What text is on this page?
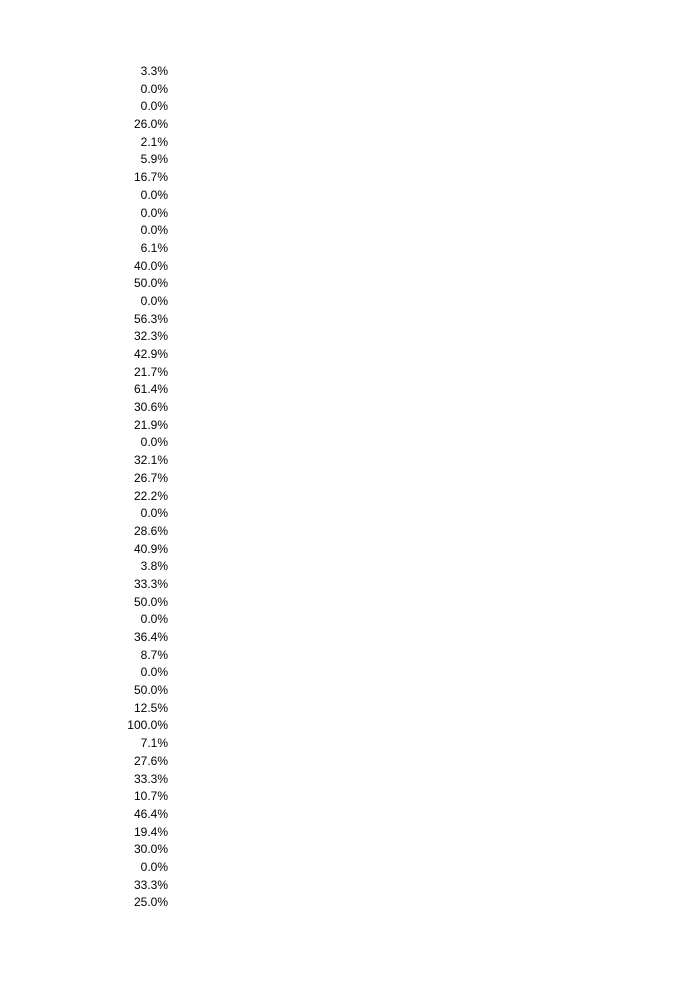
3.3%
0.0%
0.0%
26.0%
2.1%
5.9%
16.7%
0.0%
0.0%
0.0%
6.1%
40.0%
50.0%
0.0%
56.3%
32.3%
42.9%
21.7%
61.4%
30.6%
21.9%
0.0%
32.1%
26.7%
22.2%
0.0%
28.6%
40.9%
3.8%
33.3%
50.0%
0.0%
36.4%
8.7%
0.0%
50.0%
12.5%
100.0%
7.1%
27.6%
33.3%
10.7%
46.4%
19.4%
30.0%
0.0%
33.3%
25.0%
